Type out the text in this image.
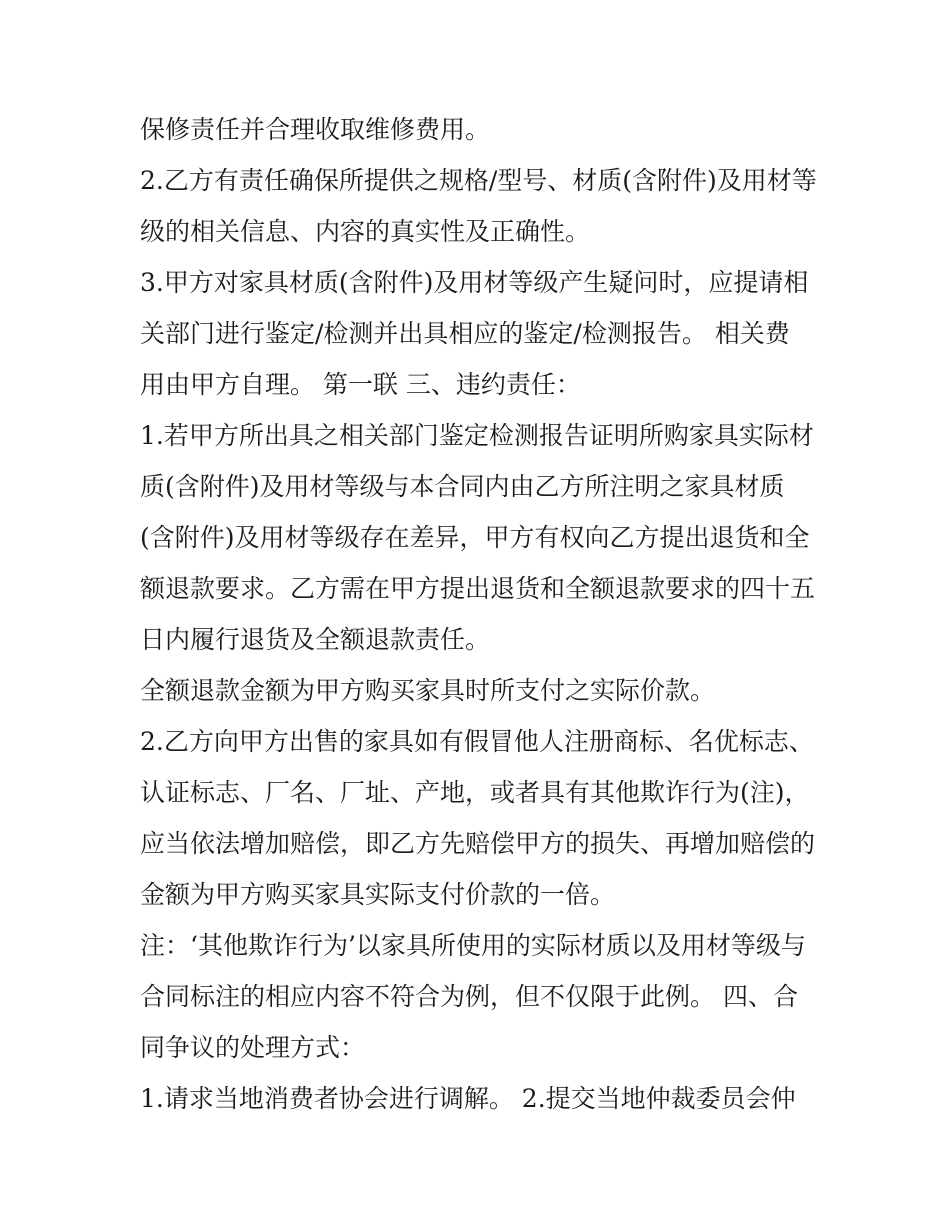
保修责任并合理收取维修费用。
2.乙方有责任确保所提供之规格/型号、材质(含附件)及用材等
级的相关信息、内容的真实性及正确性。
3.甲方对家具材质(含附件)及用材等级产生疑问时，应提请相
关部门进行鉴定/检测并出具相应的鉴定/检测报告。 相关费
用由甲方自理。 第一联 三、违约责任：
1.若甲方所出具之相关部门鉴定检测报告证明所购家具实际材
质(含附件)及用材等级与本合同内由乙方所注明之家具材质
(含附件)及用材等级存在差异，甲方有权向乙方提出退货和全
额退款要求。乙方需在甲方提出退货和全额退款要求的四十五
日内履行退货及全额退款责任。
全额退款金额为甲方购买家具时所支付之实际价款。
2.乙方向甲方出售的家具如有假冒他人注册商标、名优标志、
认证标志、厂名、厂址、产地，或者具有其他欺诈行为(注)，
应当依法增加赔偿，即乙方先赔偿甲方的损失、再增加赔偿的
金额为甲方购买家具实际支付价款的一倍。
注：‘其他欺诈行为’以家具所使用的实际材质以及用材等级与
合同标注的相应内容不符合为例，但不仅限于此例。 四、合
同争议的处理方式：
1.请求当地消费者协会进行调解。 2.提交当地仲裁委员会仲
